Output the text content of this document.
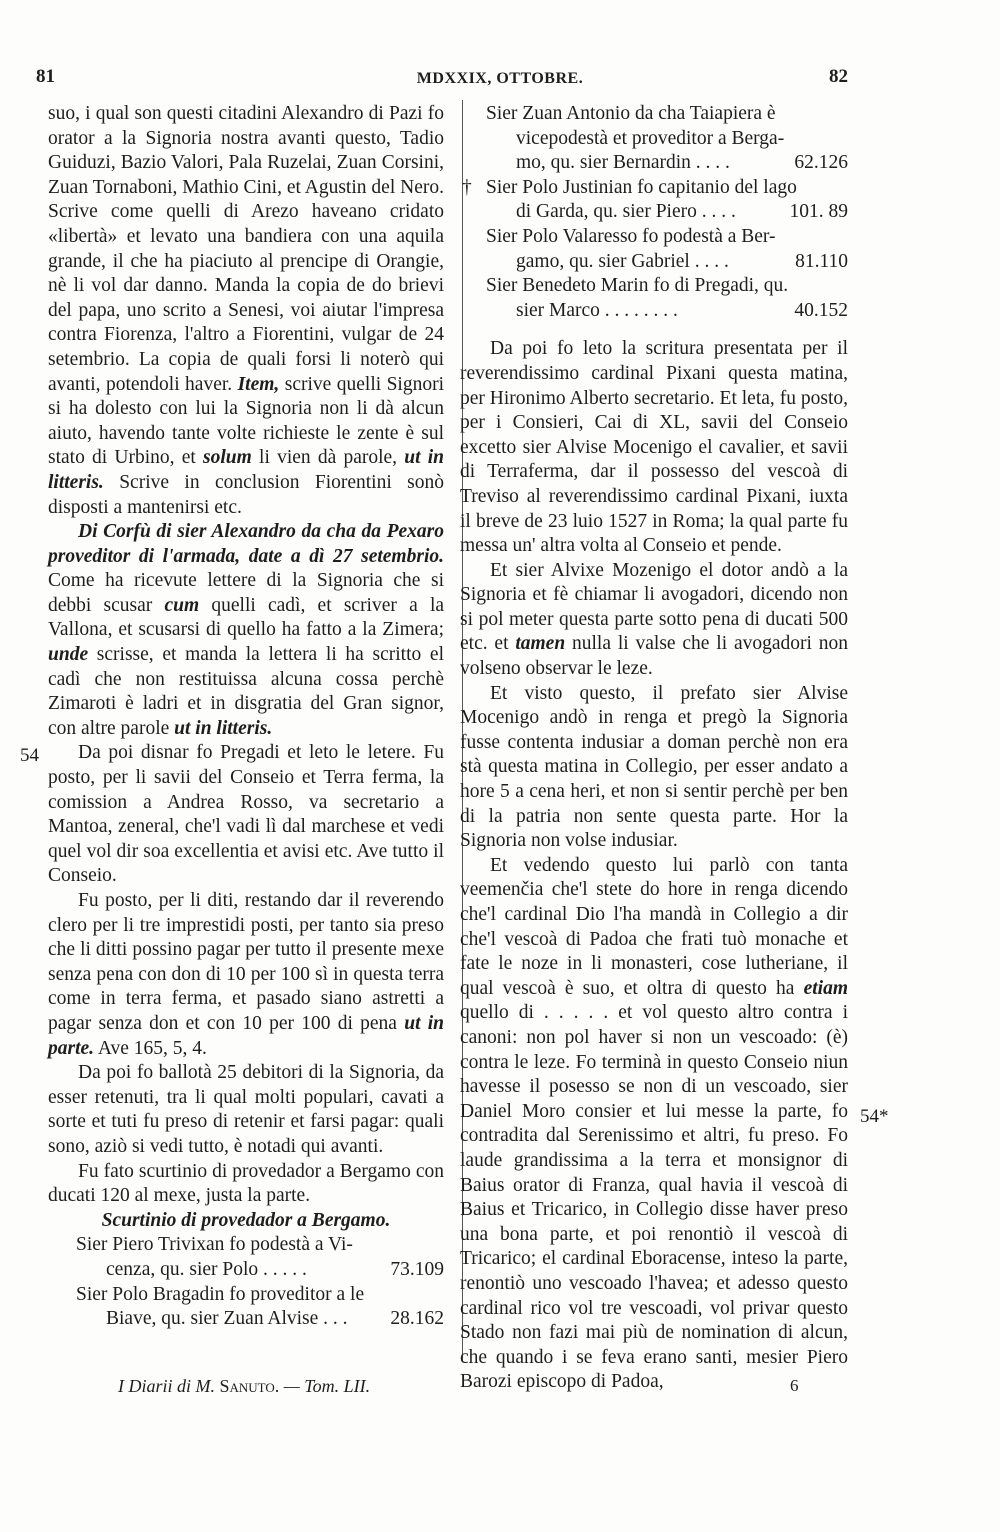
81	MDXXIX, OTTOBRE.	82
54
54*

suo, i qual son questi citadini Alexandro di Pazi fo orator a la Signoria nostra avanti questo, Tadio Guiduzi, Bazio Valori, Pala Ruzelai, Zuan Corsini, Zuan Tornaboni, Mathio Cini, et Agustin del Nero. Scrive come quelli di Arezo haveano cridato «libertà» et levato una bandiera con una aquila grande, il che ha piaciuto al prencipe di Orangie, nè li vol dar danno. Manda la copia de do brievi del papa, uno scrito a Senesi, voi aiutar l'impresa contra Fiorenza, l'altro a Fiorentini, vulgar de 24 setembrio. La copia de quali forsi li noterò qui avanti, potendoli haver. Item, scrive quelli Signori si ha dolesto con lui la Signoria non li dà alcun aiuto, havendo tante volte richieste le zente è sul stato di Urbino, et solum li vien dà parole, ut in litteris. Scrive in conclusion Fiorentini sonò disposti a mantenirsi etc.

Di Corfù di sier Alexandro da cha da Pexaro proveditor di l'armada, date a dì 27 setembrio. Come ha ricevute lettere di la Signoria che si debbi scusar cum quelli cadì, et scriver a la Vallona, et scusarsi di quello ha fatto a la Zimera; unde scrisse, et manda la lettera li ha scritto el cadì che non restituissa alcuna cossa perchè Zimaroti è ladri et in disgratia del Gran signor, con altre parole ut in litteris.

Da poi disnar fo Pregadi et leto le letere. Fu posto, per li savii del Conseio et Terra ferma, la comission a Andrea Rosso, va secretario a Mantoa, zeneral, che'l vadi lì dal marchese et vedi quel vol dir soa excellentia et avisi etc. Ave tutto il Conseio.

Fu posto, per li diti, restando dar il reverendo clero per li tre imprestidi posti, per tanto sia preso che li ditti possino pagar per tutto il presente mexe senza pena con don di 10 per 100 sì in questa terra come in terra ferma, et pasado siano astretti a pagar senza don et con 10 per 100 di pena ut in parte. Ave 165, 5, 4.

Da poi fo ballotà 25 debitori di la Signoria, da esser retenuti, tra li qual molti populari, cavati a sorte et tuti fu preso di retenir et farsi pagar: quali sono, aziò si vedi tutto, è notadi qui avanti.

Fu fato scurtinio di provedador a Bergamo con ducati 120 al mexe, justa la parte.

Scurtinio di provedador a Bergamo.

Sier Piero Trivixan fo podestà a Vi-
cenza, qu. sier Polo . . . . .	73.109
Sier Polo Bragadin fo proveditor a le
Biave, qu. sier Zuan Alvise . . .	28.162
Sier Zuan Antonio da cha Taiapiera è
vicepodestà et proveditor a Berga-
mo, qu. sier Bernardin . . . .	62.126
† Sier Polo Justinian fo capitanio del lago
di Garda, qu. sier Piero . . . .	101. 89
Sier Polo Valaresso fo podestà a Ber-
gamo, qu. sier Gabriel . . . .	81.110
Sier Benedeto Marin fo di Pregadi, qu.
sier Marco . . . . . . . .	40.152

Da poi fo leto la scritura presentata per il reverendissimo cardinal Pixani questa matina, per Hironimo Alberto secretario. Et leta, fu posto, per i Consieri, Cai di XL, savii del Conseio excetto sier Alvise Mocenigo el cavalier, et savii di Terraferma, dar il possesso del vescoà di Treviso al reverendissimo cardinal Pixani, iuxta il breve de 23 luio 1527 in Roma; la qual parte fu messa un' altra volta al Conseio et pende.

Et sier Alvixe Mozenigo el dotor andò a la Signoria et fè chiamar li avogadori, dicendo non si pol meter questa parte sotto pena di ducati 500 etc. et tamen nulla li valse che li avogadori non volseno observar le leze.

Et visto questo, il prefato sier Alvise Mocenigo andò in renga et pregò la Signoria fusse contenta indusiar a doman perchè non era stà questa matina in Collegio, per esser andato a hore 5 a cena heri, et non si sentir perchè per ben di la patria non sente questa parte. Hor la Signoria non volse indusiar.

Et vedendo questo lui parlò con tanta veemenčia che'l stete do hore in renga dicendo che'l cardinal Dio l'ha mandà in Collegio a dir che'l vescoà di Padoa che frati tuò monache et fate le noze in li monasteri, cose lutheriane, il qual vescoà è suo, et oltra di questo ha etiam quello di . . . . . et vol questo altro contra i canoni: non pol haver si non un vescoado: (è) contra le leze. Fo terminà in questo Conseio niun havesse il posesso se non di un vescoado, sier Daniel Moro consier et lui messe la parte, fo contradita dal Serenissimo et altri, fu preso. Fo laude grandissima a la terra et monsignor di Baius orator di Franza, qual havia il vescoà di Baius et Tricarico, in Collegio disse haver preso una bona parte, et poi renontiò il vescoà di Tricarico; el cardinal Eboracense, inteso la parte, renontiò uno vescoado l'havea; et adesso questo cardinal rico vol tre vescoadi, vol privar questo Stado non fazi mai più de nomination di alcun, che quando i se feva erano santi, mesier Piero Barozi episcopo di Padoa,

I Diarii di M. Sanuto. — Tom. LII.	6
